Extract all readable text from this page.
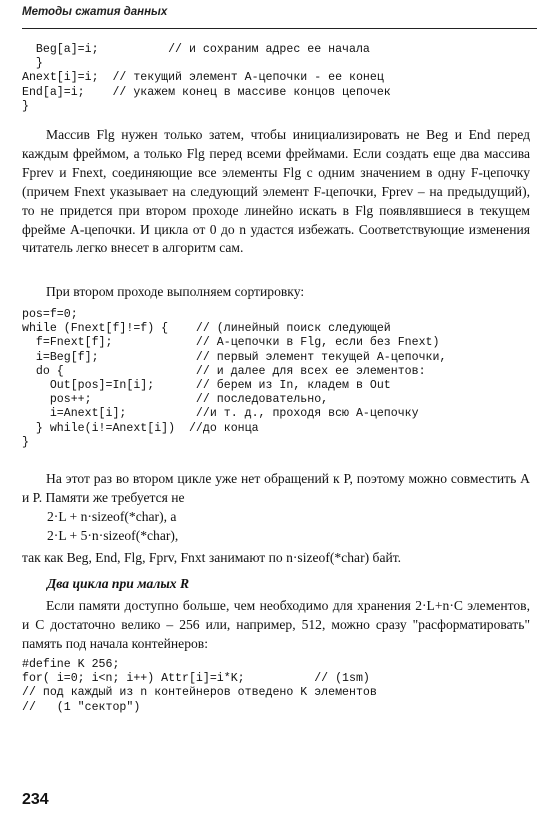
Методы сжатия данных
Beg[a]=i;          // и сохраним адрес ее начала
}
Anext[i]=i;  // текущий элемент А-цепочки - ее конец
End[a]=i;    // укажем конец в массиве концов цепочек
}

Массив Flg нужен только затем, чтобы инициализировать не Beg и End перед каждым фреймом, а только Flg перед всеми фреймами. Если создать еще два массива Fprev и Fnext, соединяющие все элементы Flg с одним значением в одну F-цепочку (причем Fnext указывает на следующий элемент F-цепочки, Fprev – на предыдущий), то не придется при втором проходе линейно искать в Flg появлявшиеся в текущем фрейме А-цепочки. И цикла от 0 до n удастся избежать. Соответствующие изменения читатель легко внесет в алгоритм сам.

При втором проходе выполняем сортировку:

pos=f=0;
while (Fnext[f]!=f) {    // (линейный поиск следующей
f=Fnext[f];            // А-цепочки в Flg, если без Fnext)
i=Beg[f];              // первый элемент текущей А-цепочки,
do {                   // и далее для всех ее элементов:
Out[pos]=In[i];      // берем из In, кладем в Out
pos++;               // последовательно,
i=Anext[i];          //и т. д., проходя всю А-цепочку
} while(i!=Anext[i])  //до конца
}

На этот раз во втором цикле уже нет обращений к P, поэтому можно совместить А и P. Памяти же требуется не

2·L + n·sizeof(*char), а
2·L + 5·n·sizeof(*char),
так как Beg, End, Flg, Fprv, Fnxt занимают по n·sizeof(*char) байт.
Два цикла при малых R

Если памяти доступно больше, чем необходимо для хранения 2·L+n·C элементов, и C достаточно велико – 256 или, например, 512, можно сразу "расформатировать" память под начала контейнеров:

#define K 256;
for( i=0; i<n; i++) Attr[i]=i*K;          // (1sm)
// под каждый из n контейнеров отведено K элементов
//   (1 "сектор")
234
